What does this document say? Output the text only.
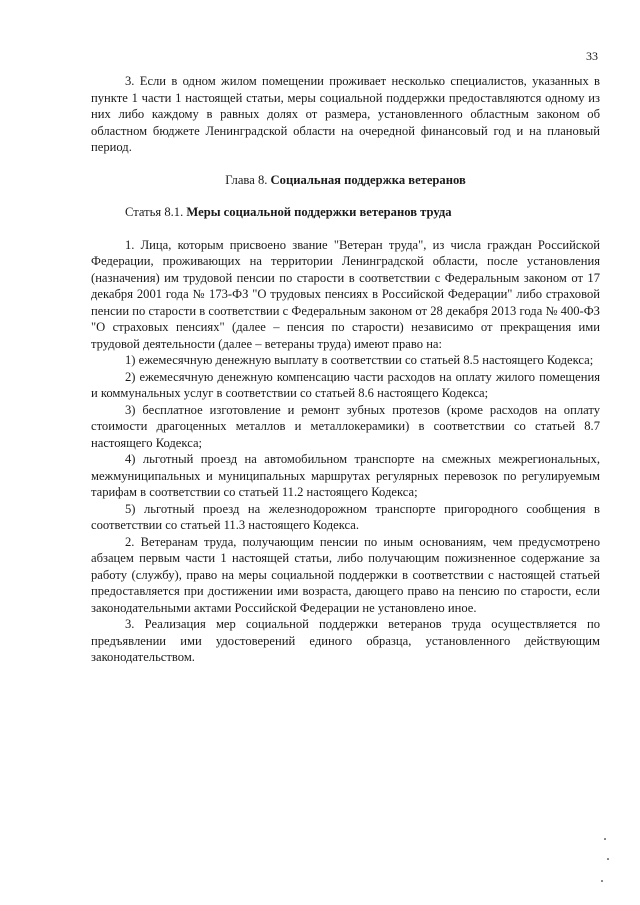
33

3. Если в одном жилом помещении проживает несколько специалистов, указанных в пункте 1 части 1 настоящей статьи, меры социальной поддержки предоставляются одному из них либо каждому в равных долях от размера, установленного областным законом об областном бюджете Ленинградской области на очередной финансовый год и на плановый период.

Глава 8. Социальная поддержка ветеранов

Статья 8.1. Меры социальной поддержки ветеранов труда

1. Лица, которым присвоено звание "Ветеран труда", из числа граждан Российской Федерации, проживающих на территории Ленинградской области, после установления (назначения) им трудовой пенсии по старости в соответствии с Федеральным законом от 17 декабря 2001 года № 173-ФЗ "О трудовых пенсиях в Российской Федерации" либо страховой пенсии по старости в соответствии с Федеральным законом от 28 декабря 2013 года № 400-ФЗ "О страховых пенсиях" (далее – пенсия по старости) независимо от прекращения ими трудовой деятельности (далее – ветераны труда) имеют право на:

1) ежемесячную денежную выплату в соответствии со статьей 8.5 настоящего Кодекса;

2) ежемесячную денежную компенсацию части расходов на оплату жилого помещения и коммунальных услуг в соответствии со статьей 8.6 настоящего Кодекса;

3) бесплатное изготовление и ремонт зубных протезов (кроме расходов на оплату стоимости драгоценных металлов и металлокерамики) в соответствии со статьей 8.7 настоящего Кодекса;

4) льготный проезд на автомобильном транспорте на смежных межрегиональных, межмуниципальных и муниципальных маршрутах регулярных перевозок по регулируемым тарифам в соответствии со статьей 11.2 настоящего Кодекса;

5) льготный проезд на железнодорожном транспорте пригородного сообщения в соответствии со статьей 11.3 настоящего Кодекса.

2. Ветеранам труда, получающим пенсии по иным основаниям, чем предусмотрено абзацем первым части 1 настоящей статьи, либо получающим пожизненное содержание за работу (службу), право на меры социальной поддержки в соответствии с настоящей статьей предоставляется при достижении ими возраста, дающего право на пенсию по старости, если законодательными актами Российской Федерации не установлено иное.

3. Реализация мер социальной поддержки ветеранов труда осуществляется по предъявлении ими удостоверений единого образца, установленного действующим законодательством.
